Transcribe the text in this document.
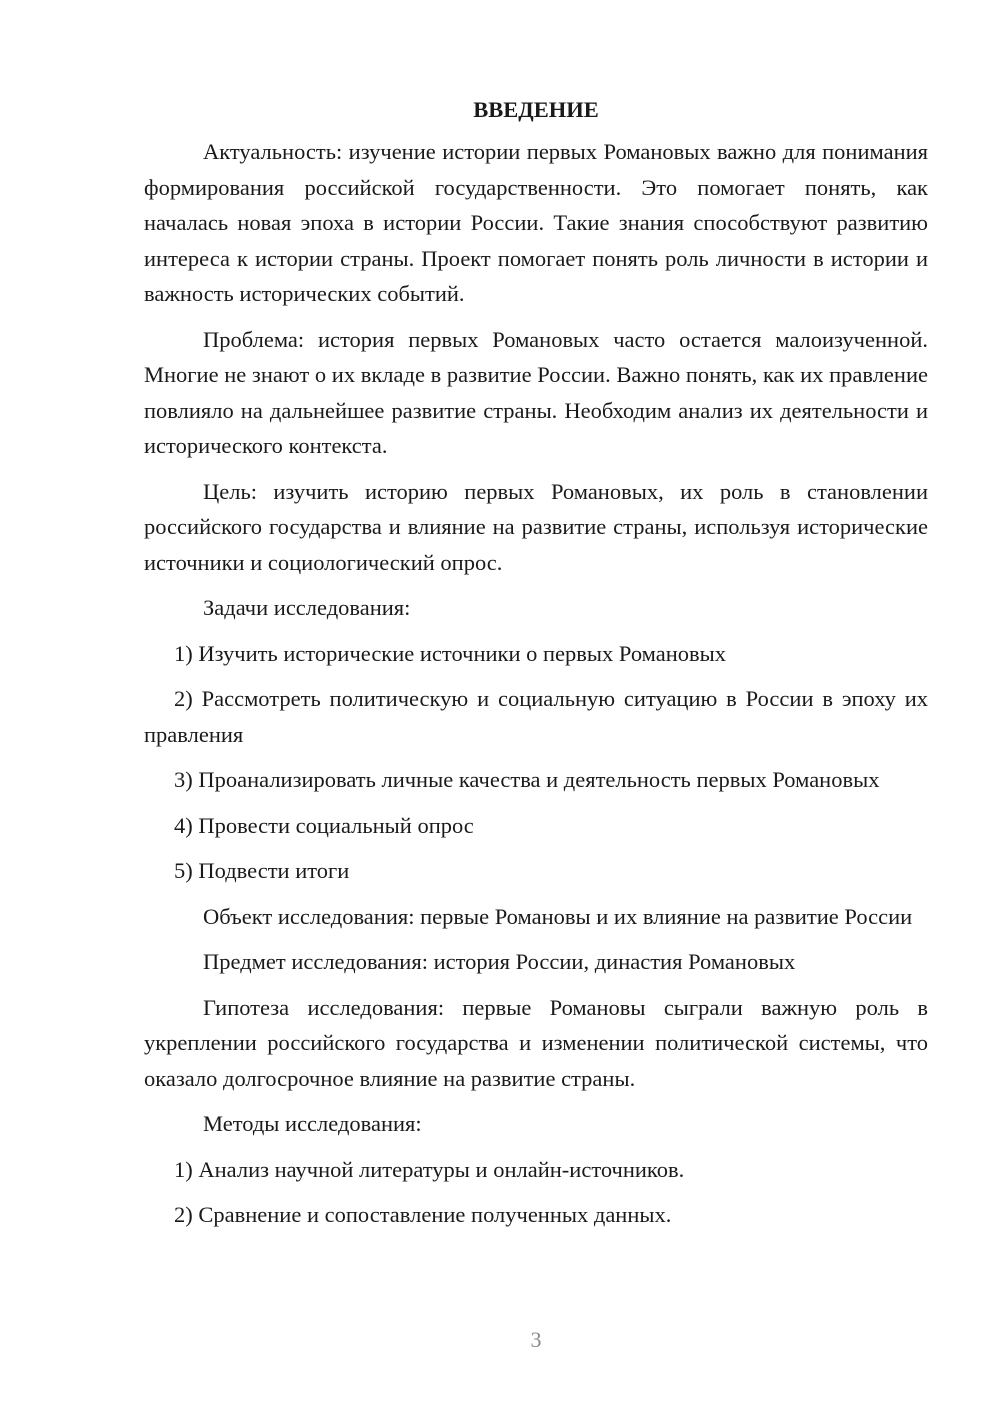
ВВЕДЕНИЕ

Актуальность: изучение истории первых Романовых важно для понимания формирования российской государственности. Это помогает понять, как началась новая эпоха в истории России. Такие знания способствуют развитию интереса к истории страны. Проект помогает понять роль личности в истории и важность исторических событий.

Проблема: история первых Романовых часто остается малоизученной. Многие не знают о их вкладе в развитие России. Важно понять, как их правление повлияло на дальнейшее развитие страны. Необходим анализ их деятельности и исторического контекста.

Цель: изучить историю первых Романовых, их роль в становлении российского государства и влияние на развитие страны, используя исторические источники и социологический опрос.

Задачи исследования:

1) Изучить исторические источники о первых Романовых

2) Рассмотреть политическую и социальную ситуацию в России в эпоху их правления

3) Проанализировать личные качества и деятельность первых Романовых

4) Провести социальный опрос

5) Подвести итоги

Объект исследования: первые Романовы и их влияние на развитие России

Предмет исследования: история России, династия Романовых

Гипотеза исследования: первые Романовы сыграли важную роль в укреплении российского государства и изменении политической системы, что оказало долгосрочное влияние на развитие страны.

Методы исследования:

1) Анализ научной литературы и онлайн-источников.

2) Сравнение и сопоставление полученных данных.

3
